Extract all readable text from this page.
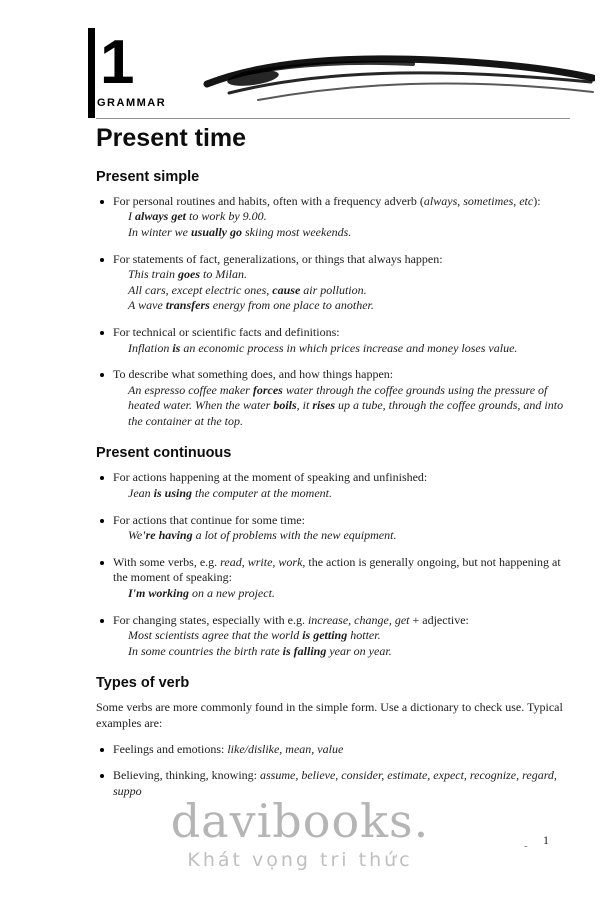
1
GRAMMAR
Present time
Present simple
For personal routines and habits, often with a frequency adverb (always, sometimes, etc):
I always get to work by 9.00.
In winter we usually go skiing most weekends.
For statements of fact, generalizations, or things that always happen:
This train goes to Milan.
All cars, except electric ones, cause air pollution.
A wave transfers energy from one place to another.
For technical or scientific facts and definitions:
Inflation is an economic process in which prices increase and money loses value.
To describe what something does, and how things happen:
An espresso coffee maker forces water through the coffee grounds using the pressure of heated water. When the water boils, it rises up a tube, through the coffee grounds, and into the container at the top.
Present continuous
For actions happening at the moment of speaking and unfinished:
Jean is using the computer at the moment.
For actions that continue for some time:
We're having a lot of problems with the new equipment.
With some verbs, e.g. read, write, work, the action is generally ongoing, but not happening at the moment of speaking:
I'm working on a new project.
For changing states, especially with e.g. increase, change, get + adjective:
Most scientists agree that the world is getting hotter.
In some countries the birth rate is falling year on year.
Types of verb

Some verbs are more commonly found in the simple form. Use a dictionary to check use. Typical examples are:

Feelings and emotions: like/dislike, mean, value
Believing, thinking, knowing: assume, believe, consider, estimate, expect, recognize, regard, suppo
davibooks.
Khát vọng tri thức
- 1
